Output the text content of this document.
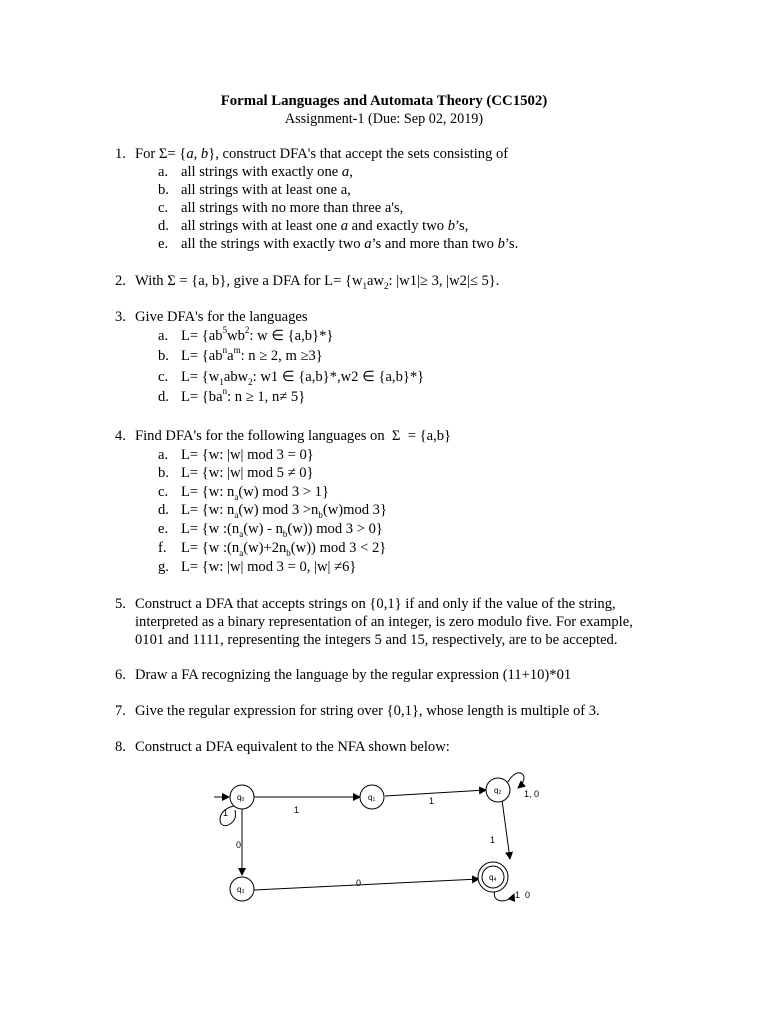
Formal Languages and Automata Theory (CC1502)
Assignment-1 (Due: Sep 02, 2019)
1. For Σ= {a, b}, construct DFA's that accept the sets consisting of
a. all strings with exactly one a,
b. all strings with at least one a,
c. all strings with no more than three a's,
d. all strings with at least one a and exactly two b’s,
e. all the strings with exactly two a’s and more than two b’s.
2. With Σ = {a, b}, give a DFA for $L= \{w_1aw_2$: |w1|≥ 3, |w2|≤ 5}.
3. Give DFA's for the languages
a. $L= \{ab^5wb^2$: w ∈ {a,b}*}
b. $L= \{ab^na^m$: n ≥ 2, m ≥3}
c. $L= \{w_1abw_2$: w1 ∈ {a,b}*,w2 ∈ {a,b}*}
d. $L= \{ba^n$: n ≥ 1, n≠ 5}
4. Find DFA's for the following languages on  Σ  = {a,b}
a. L= {w: |w| mod 3 = 0}
b. L= {w: |w| mod 5 ≠ 0}
c. L= {w: $n_a(w)$ mod 3 > 1}
d. L= {w: $n_a(w)$ mod $3 >n_b(w)mod$ 3}
e. L= {w $:(n_a(w) - n_b(w))$ mod 3 > 0}
f. L= {w $:(n_a(w)+2n_b(w))$ mod 3 < 2}
g. L= {w: |w| mod 3 = 0, |w| ≠6}
5. Construct a DFA that accepts strings on {0,1} if and only if the value of the string,
interpreted as a binary representation of an integer, is zero modulo five. For example,
0101 and 1111, representing the integers 5 and 15, respectively, are to be accepted.
6. Draw a FA recognizing the language by the regular expression (11+10)*01
7. Give the regular expression for string over {0,1}, whose length is multiple of 3.
8. Construct a DFA equivalent to the NFA shown below:
q0	q1
q2
q3
q4
1
1
1
0
0
1
1, 0
1 0
